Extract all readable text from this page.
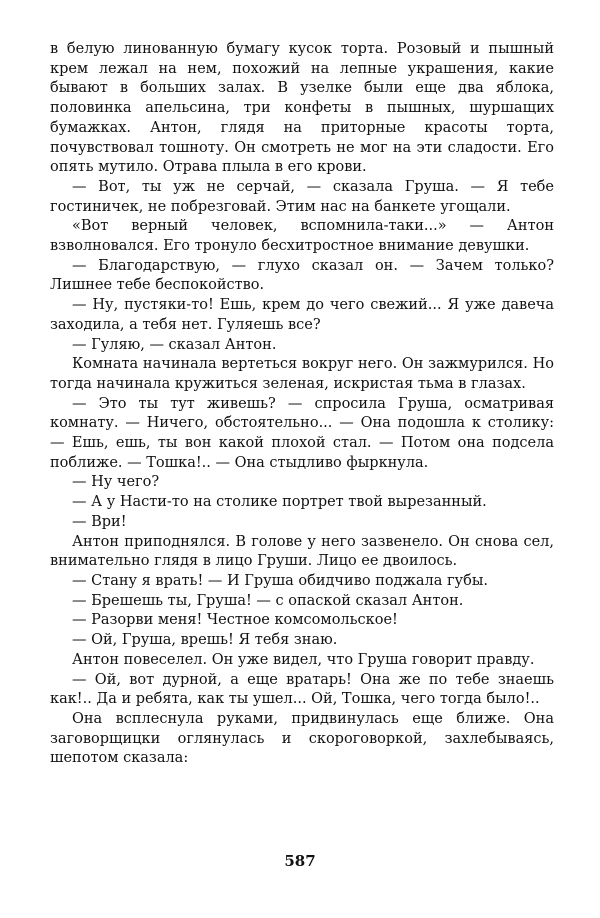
в белую линованную бумагу кусок торта. Розовый и пышный крем лежал на нем, похожий на лепные украшения, какие бывают в больших залах. В узелке были еще два яблока, половинка апельсина, три конфеты в пышных, шуршащих бумажках. Антон, глядя на приторные красоты торта, почувствовал тошноту. Он смотреть не мог на эти сладости. Его опять мутило. Отрава плыла в его крови.

— Вот, ты уж не серчай, — сказала Груша. — Я тебе гостиничек, не побрезговай. Этим нас на банкете угощали.

«Вот верный человек, вспомнила-таки...» — Антон взволновался. Его тронуло бесхитростное внимание девушки.

— Благодарствую, — глухо сказал он. — Зачем только? Лишнее тебе беспокойство.

— Ну, пустяки-то! Ешь, крем до чего свежий... Я уже давеча заходила, а тебя нет. Гуляешь все?

— Гуляю, — сказал Антон.

Комната начинала вертеться вокруг него. Он зажмурился. Но тогда начинала кружиться зеленая, искристая тьма в глазах.

— Это ты тут живешь? — спросила Груша, осматривая комнату. — Ничего, обстоятельно... — Она подошла к столику: — Ешь, ешь, ты вон какой плохой стал. — Потом она подсела поближе. — Тошка!.. — Она стыдливо фыркнула.

— Ну чего?

— А у Насти-то на столике портрет твой вырезанный.

— Ври!

Антон приподнялся. В голове у него зазвенело. Он снова сел, внимательно глядя в лицо Груши. Лицо ее двоилось.

— Стану я врать! — И Груша обидчиво поджала губы.

— Брешешь ты, Груша! — с опаской сказал Антон.

— Разорви меня! Честное комсомольское!

— Ой, Груша, врешь! Я тебя знаю.

Антон повеселел. Он уже видел, что Груша говорит правду.

— Ой, вот дурной, а еще вратарь! Она же по тебе знаешь как!.. Да и ребята, как ты ушел... Ой, Тошка, чего тогда было!..

Она всплеснула руками, придвинулась еще ближе. Она заговорщицки оглянулась и скороговоркой, захлебываясь, шепотом сказала:

587
